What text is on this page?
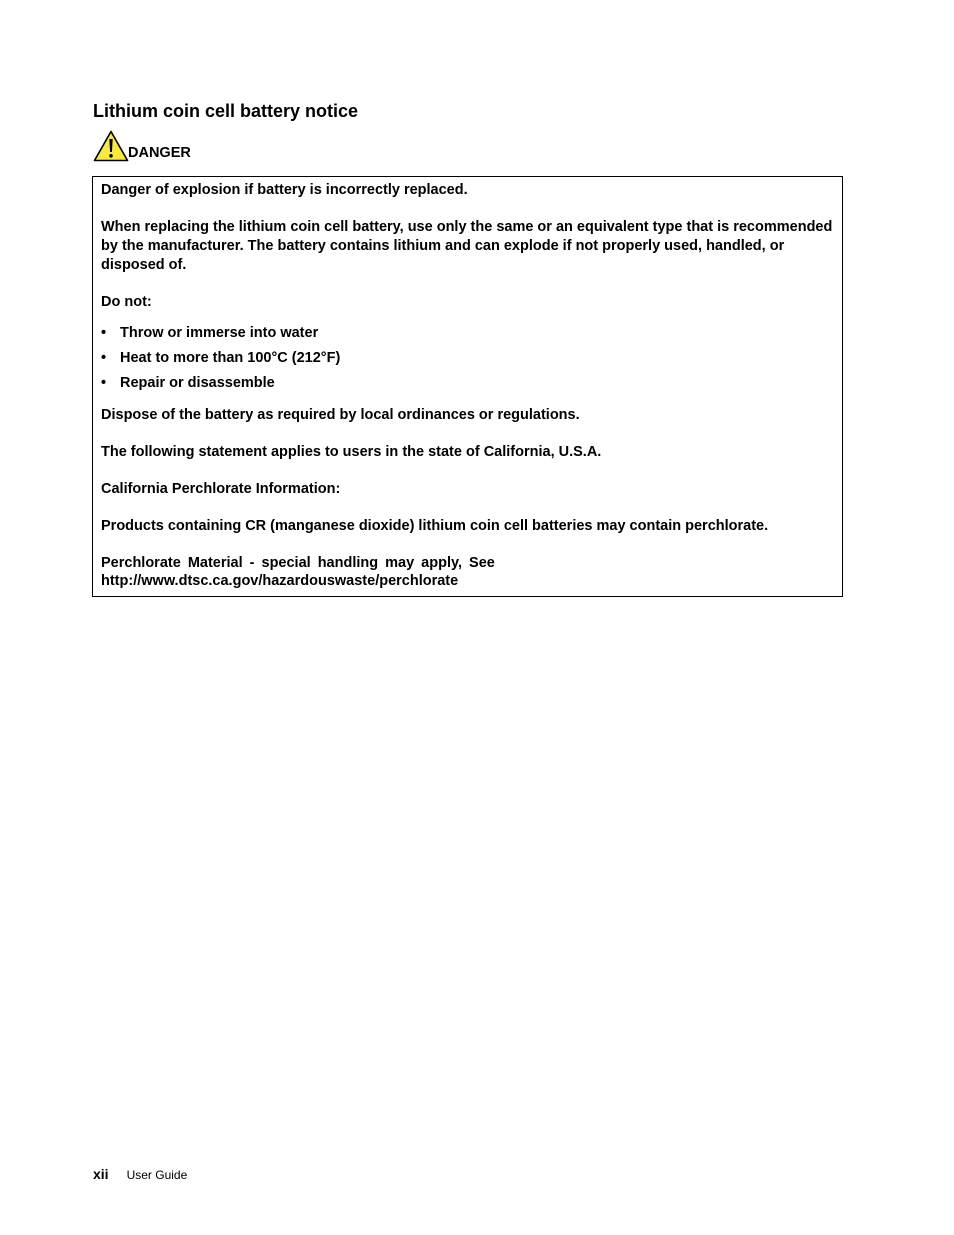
Lithium coin cell battery notice
DANGER

Danger of explosion if battery is incorrectly replaced.

When replacing the lithium coin cell battery, use only the same or an equivalent type that is recommended by the manufacturer. The battery contains lithium and can explode if not properly used, handled, or disposed of.

Do not:

• Throw or immerse into water
• Heat to more than 100°C (212°F)
• Repair or disassemble

Dispose of the battery as required by local ordinances or regulations.

The following statement applies to users in the state of California, U.S.A.

California Perchlorate Information:

Products containing CR (manganese dioxide) lithium coin cell batteries may contain perchlorate.

Perchlorate Material - special handling may apply, See

http://www.dtsc.ca.gov/hazardouswaste/perchlorate

xii User Guide
